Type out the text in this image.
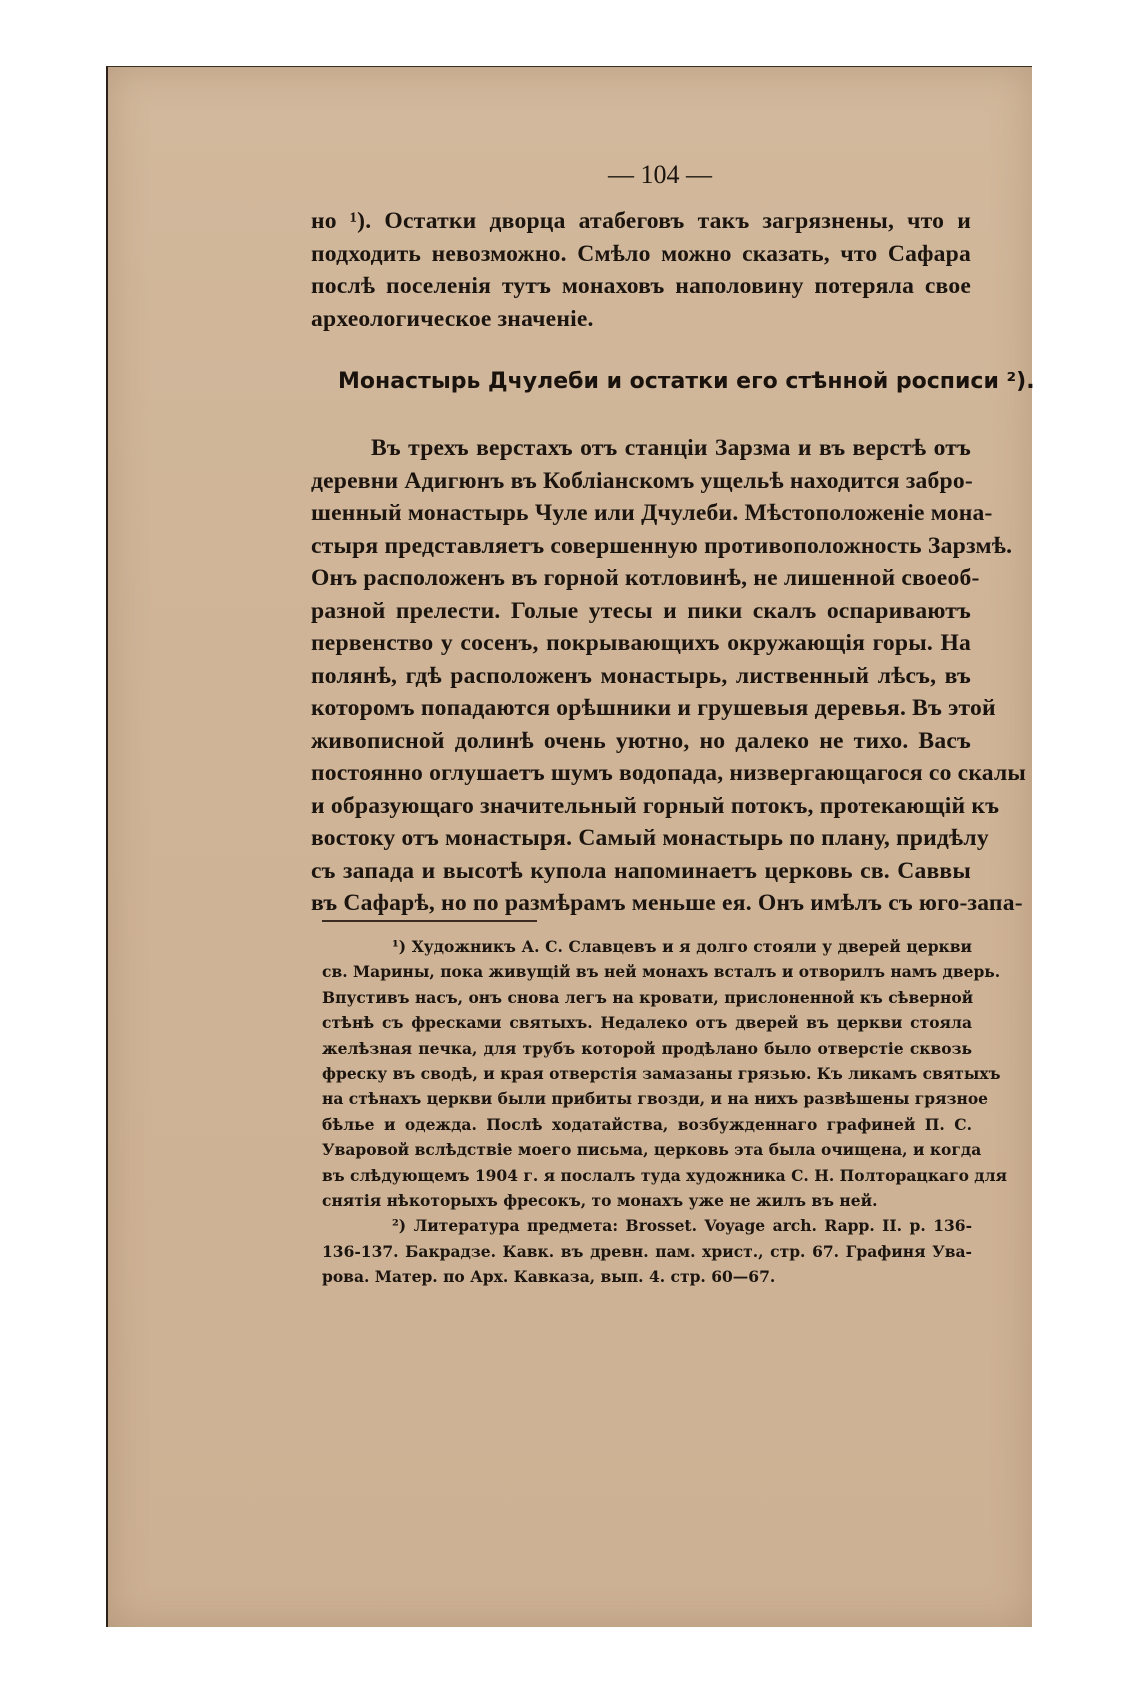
— 104 —

но ¹). Остатки дворца атабеговъ такъ загрязнены, что и
подходить невозможно. Смѣло можно сказать, что Сафара
послѣ поселенія тутъ монаховъ наполовину потеряла свое
археологическое значеніе.

Монастырь Дчулеби и остатки его стѣнной росписи ²).

Въ трехъ верстахъ отъ станціи Зарзма и въ верстѣ отъ
деревни Адигюнъ въ Кобліанскомъ ущельѣ находится забро-
шенный монастырь Чуле или Дчулеби. Мѣстоположеніе мона-
стыря представляетъ совершенную противоположность Зарзмѣ.
Онъ расположенъ въ горной котловинѣ, не лишенной своеоб-
разной прелести. Голые утесы и пики скалъ оспариваютъ
первенство у сосенъ, покрывающихъ окружающія горы. На
полянѣ, гдѣ расположенъ монастырь, лиственный лѣсъ, въ
которомъ попадаются орѣшники и грушевыя деревья. Въ этой
живописной долинѣ очень уютно, но далеко не тихо. Васъ
постоянно оглушаетъ шумъ водопада, низвергающагося со скалы
и образующаго значительный горный потокъ, протекающій къ
востоку отъ монастыря. Самый монастырь по плану, придѣлу
съ запада и высотѣ купола напоминаетъ церковь св. Саввы
въ Сафарѣ, но по размѣрамъ меньше ея. Онъ имѣлъ съ юго-запа-

¹) Художникъ А. С. Славцевъ и я долго стояли у дверей церкви
св. Марины, пока живущій въ ней монахъ всталъ и отворилъ намъ дверь.
Впустивъ насъ, онъ снова легъ на кровати, прислоненной къ сѣверной
стѣнѣ съ фресками святыхъ. Недалеко отъ дверей въ церкви стояла
желѣзная печка, для трубъ которой продѣлано было отверстіе сквозь
фреску въ сводѣ, и края отверстія замазаны грязью. Къ ликамъ святыхъ
на стѣнахъ церкви были прибиты гвозди, и на нихъ развѣшены грязное
бѣлье и одежда. Послѣ ходатайства, возбужденнаго графиней П. С.
Уваровой вслѣдствіе моего письма, церковь эта была очищена, и когда
въ слѣдующемъ 1904 г. я послалъ туда художника С. Н. Полторацкаго для
снятія нѣкоторыхъ фресокъ, то монахъ уже не жилъ въ ней.
²) Литература предмета: Brosset. Voyage arch. Rapp. II. p. 136-
136-137. Бакрадзе. Кавк. въ древн. пам. христ., стр. 67. Графиня Ува-
рова. Матер. по Арх. Кавказа, вып. 4. стр. 60—67.
